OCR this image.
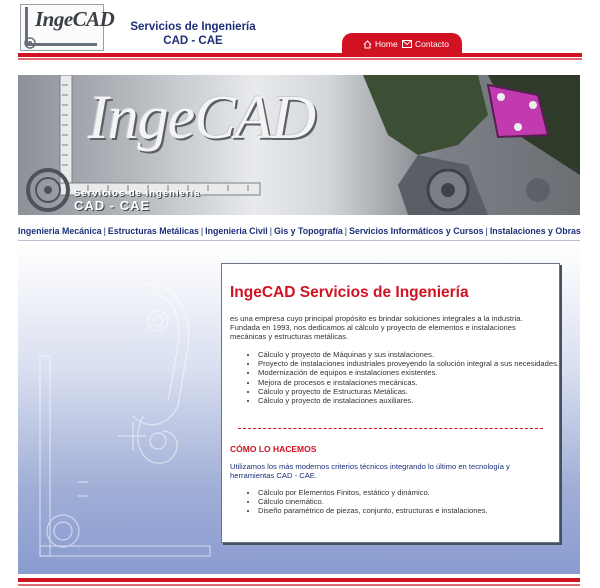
IngeCAD	Servicios de Ingeniería
CAD - CAE	Home Contacto
IngeCAD
Servicios de Ingeniería
CAD - CAE
Ingenieria Mecánica | Estructuras Metálicas | Ingenieria Civil | Gis y Topografía | Servicios Informáticos y Cursos | Instalaciones y Obras
IngeCAD Servicios de Ingeniería
es una empresa cuyo principal propósito es brindar soluciones integrales a la industria. Fundada en 1993, nos dedicamos al cálculo y proyecto de elementos e instalaciones mecánicas y estructuras metálicas.
• Cálculo y proyecto de Máquinas y sus instalaciones.
• Proyecto de instalaciones industriales proveyendo la solución integral a sus necesidades.
• Modernización de equipos e instalaciones existentes.
• Mejora de procesos e instalaciones mecánicas.
• Cálculo y proyecto de Estructuras Metálicas.
• Cálculo y proyecto de instalaciones auxiliares.
CÓMO LO HACEMOS
Utilizamos los más modernos criterios técnicos integrando lo último en tecnología y herramientas CAD - CAE.
• Cálculo por Elementos Finitos, estático y dinámico.
• Cálculo cinemático.
• Diseño paramétrico de piezas, conjunto, estructuras e instalaciones.
